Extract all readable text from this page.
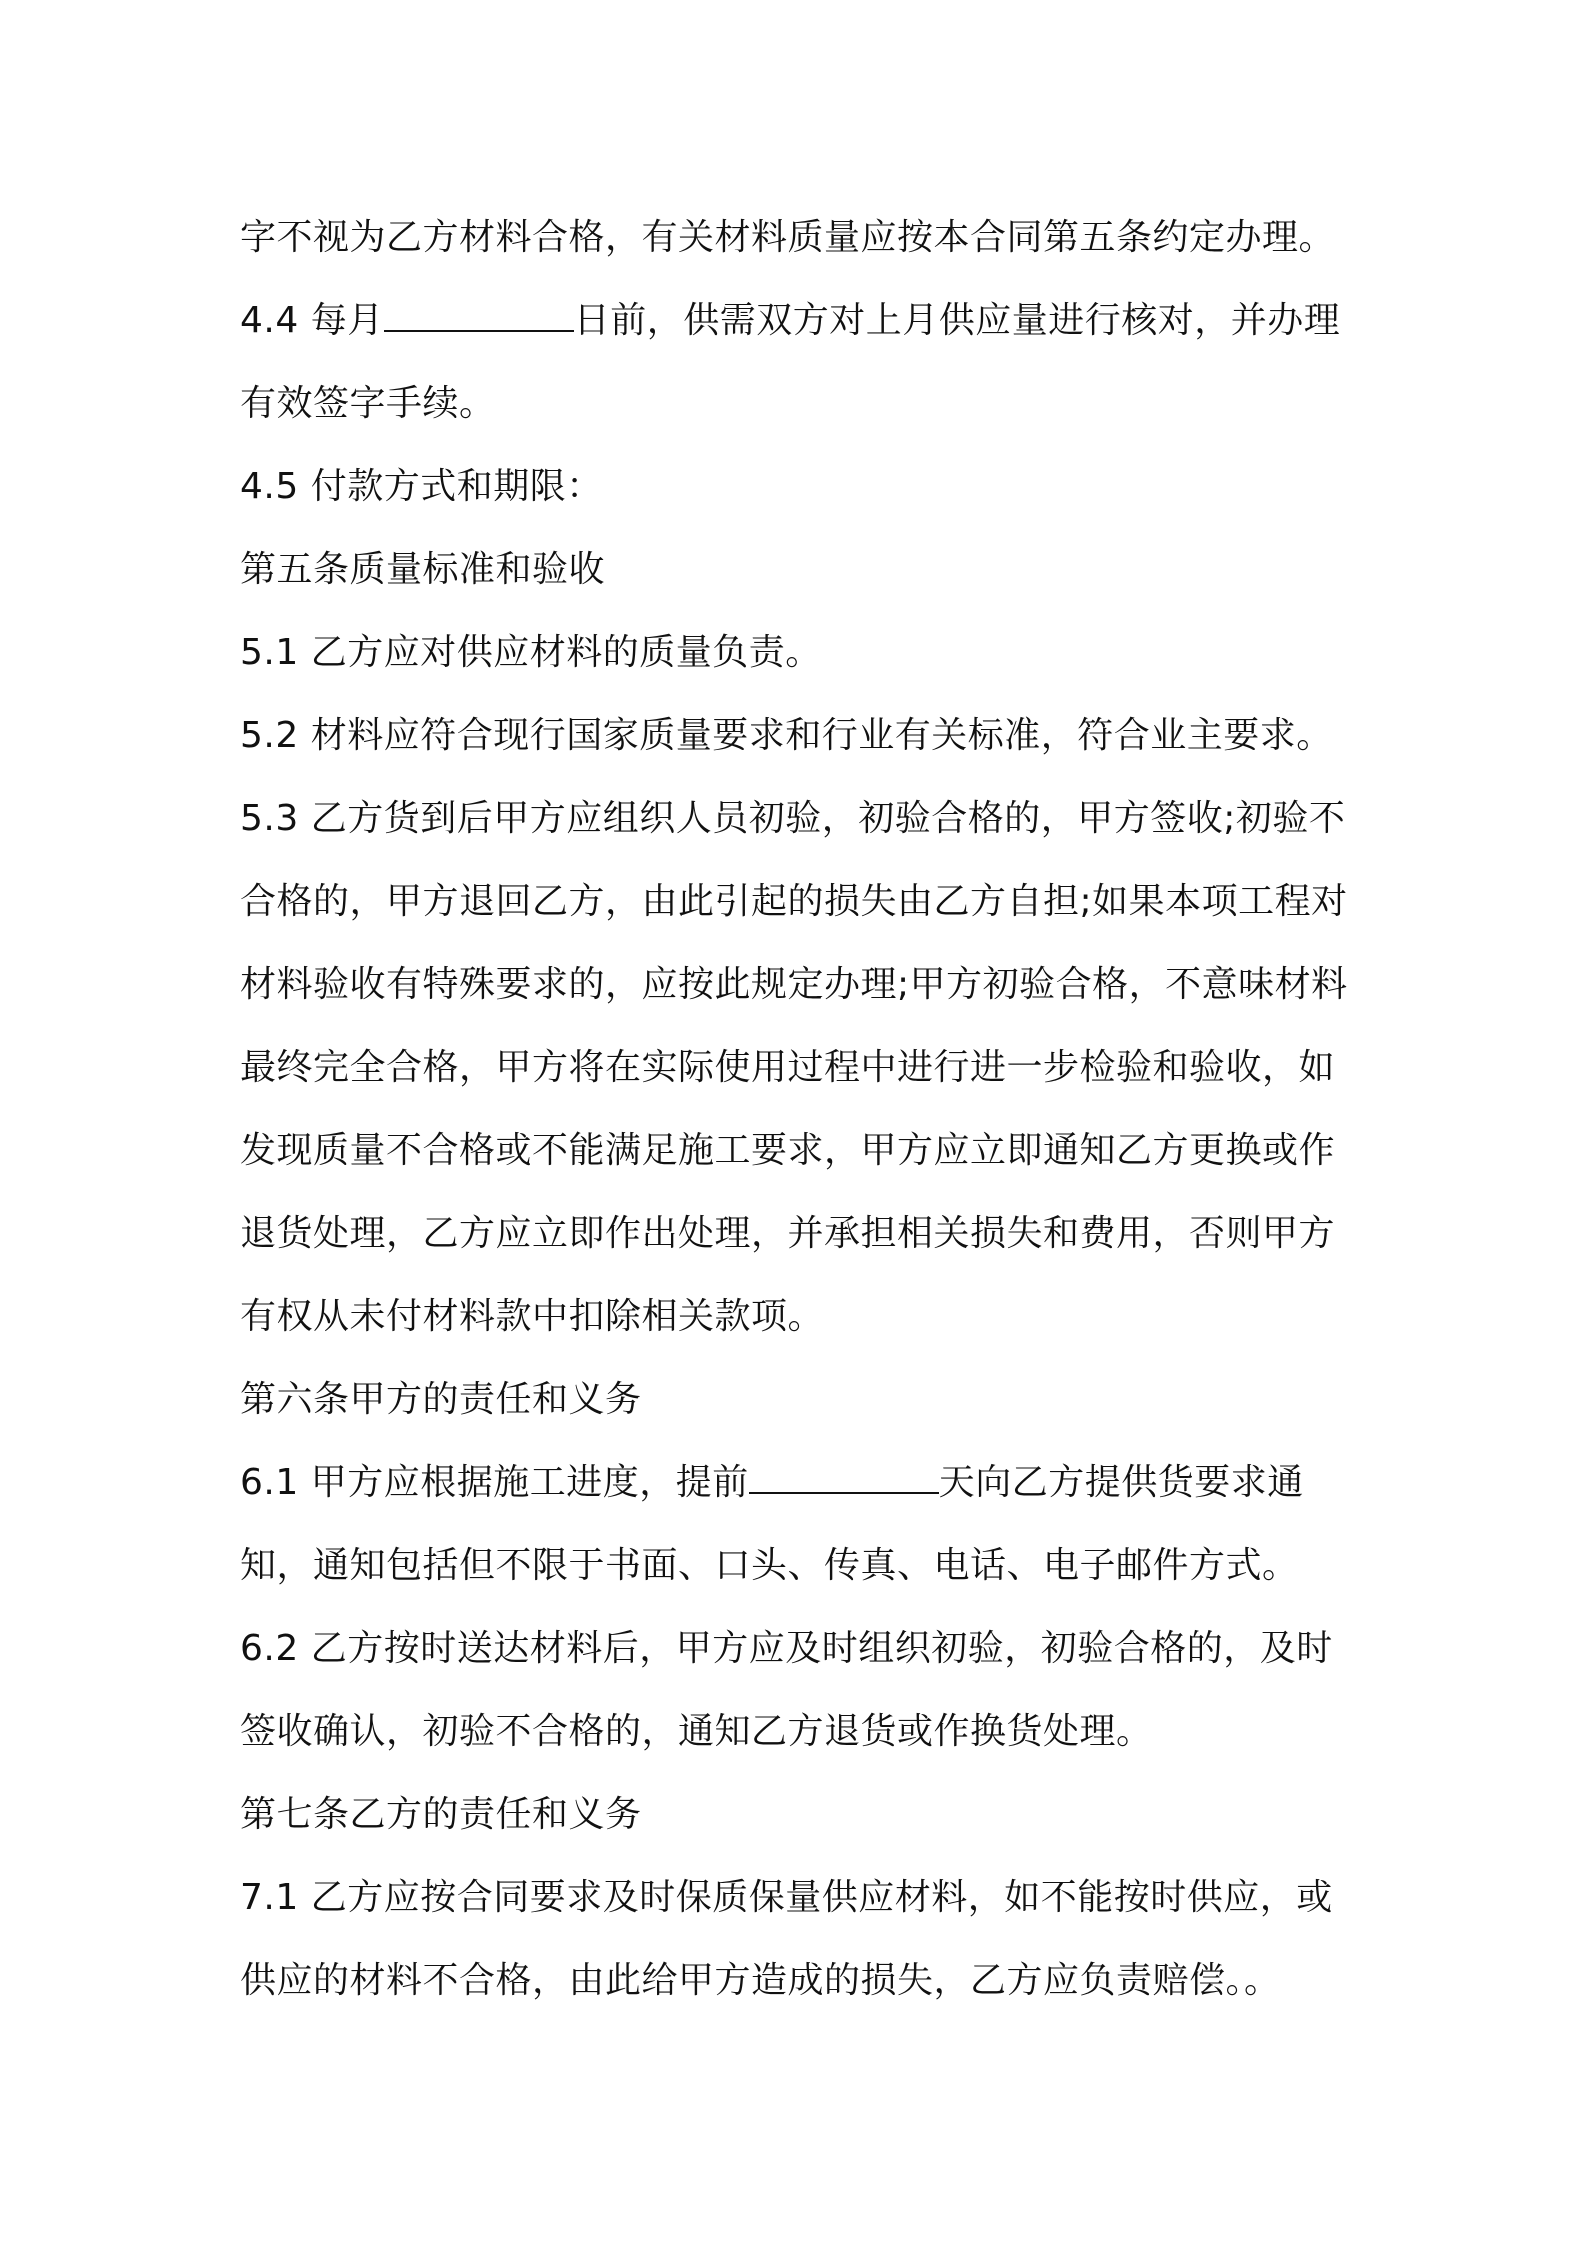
字不视为乙方材料合格，有关材料质量应按本合同第五条约定办理。

4.4 每月	日前，供需双方对上月供应量进行核对，并办理有效签字手续。

4.5 付款方式和期限：

第五条质量标准和验收

5.1 乙方应对供应材料的质量负责。

5.2 材料应符合现行国家质量要求和行业有关标准，符合业主要求。

5.3 乙方货到后甲方应组织人员初验，初验合格的，甲方签收;初验不合格的，甲方退回乙方，由此引起的损失由乙方自担;如果本项工程对材料验收有特殊要求的，应按此规定办理;甲方初验合格，不意味材料最终完全合格，甲方将在实际使用过程中进行进一步检验和验收，如发现质量不合格或不能满足施工要求，甲方应立即通知乙方更换或作退货处理，乙方应立即作出处理，并承担相关损失和费用，否则甲方有权从未付材料款中扣除相关款项。

第六条甲方的责任和义务

6.1 甲方应根据施工进度，提前	天向乙方提供货要求通知，通知包括但不限于书面、口头、传真、电话、电子邮件方式。

6.2 乙方按时送达材料后，甲方应及时组织初验，初验合格的，及时签收确认，初验不合格的，通知乙方退货或作换货处理。

第七条乙方的责任和义务

7.1 乙方应按合同要求及时保质保量供应材料，如不能按时供应，或供应的材料不合格，由此给甲方造成的损失，乙方应负责赔偿。。
